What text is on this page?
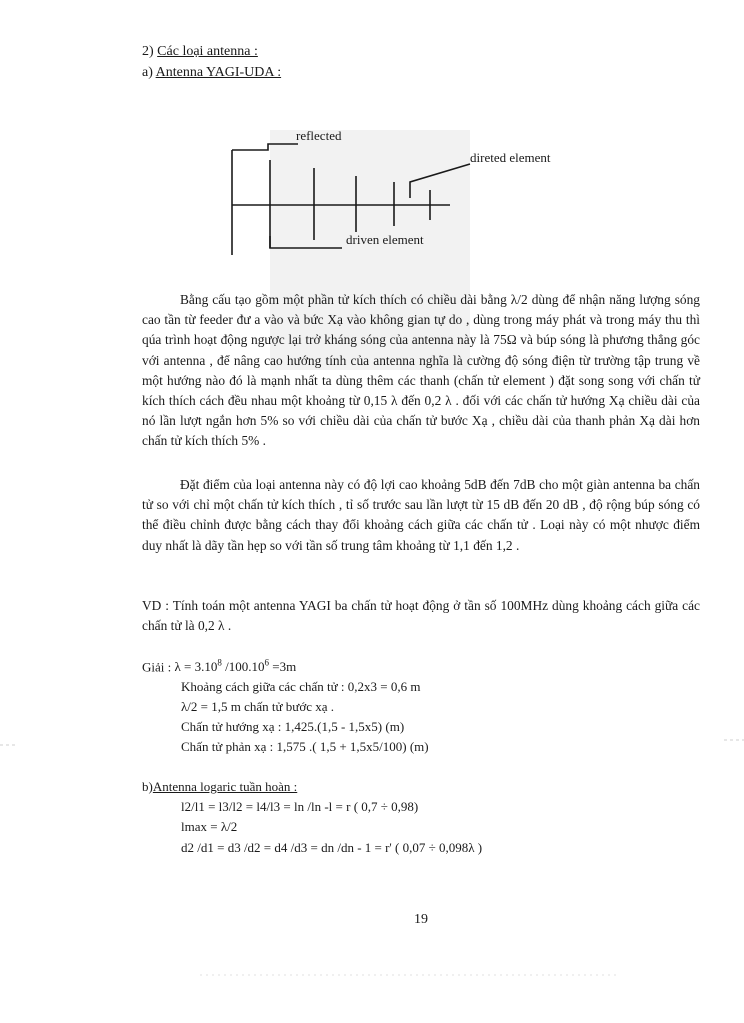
2) Các loại antenna :
a) Antenna YAGI-UDA :
reflected
direted element
driven element

Bằng cấu tạo gồm một phần tử kích thích có chiều dài bằng λ/2 dùng để nhận năng lượng sóng cao tần từ feeder đư a vào và bức Xạ vào không gian tự do , dùng trong máy phát và trong máy thu thì qúa trình hoạt động ngược lại trở kháng sóng của antenna này là 75Ω và búp sóng là phương thẳng góc với antenna , để nâng cao hướng tính của antenna nghĩa là cường độ sóng điện từ trường tập trung về một hướng nào đó là mạnh nhất ta dùng thêm các thanh (chấn tử element ) đặt song song với chấn tử kích thích cách đều nhau một khoảng từ 0,15 λ đến 0,2 λ . đối với các chấn tử hướng Xạ chiều dài của nó lần lượt ngắn hơn 5% so với chiều dài của chấn tử bước Xạ , chiều dài của thanh phản Xạ dài hơn chấn tử kích thích 5% .

Đặt điểm của loại antenna này có độ lợi cao khoảng 5dB đến 7dB cho một giàn antenna ba chấn tử so với chỉ một chấn tử kích thích , tỉ số trước sau lần lượt từ 15 dB đến 20 dB , độ rộng búp sóng có thể điều chỉnh được bằng cách thay đổi khoảng cách giữa các chấn tử . Loại này có một nhược điểm duy nhất là dãy tần hẹp so với tần số trung tâm khoảng từ 1,1 đến 1,2 .

VD : Tính toán một antenna YAGI ba chấn tử hoạt động ở tần số 100MHz dùng khoảng cách giữa các chấn tử là 0,2 λ .

Giải : $\lambda = 3.10^8$ $/100.10^6 =3m$
Khoảng cách giữa các chấn tử : 0,2x3 = 0,6 m
λ/2 = 1,5 m chấn tử bước xạ .
Chấn tử hướng xạ : 1,425.(1,5 - 1,5x5) (m)
Chấn tử phản xạ : 1,575 .( 1,5 + 1,5x5/100) (m)
b)Antenna logaric tuần hoàn :
l2/l1 = l3/l2 = l4/l3 = ln /ln -l = r ( 0,7 ÷ 0,98)
lmax = λ/2
d2 /d1 = d3 /d2 = d4 /d3 = dn /dn - 1 = r' ( 0,07 ÷ 0,098λ )
19
